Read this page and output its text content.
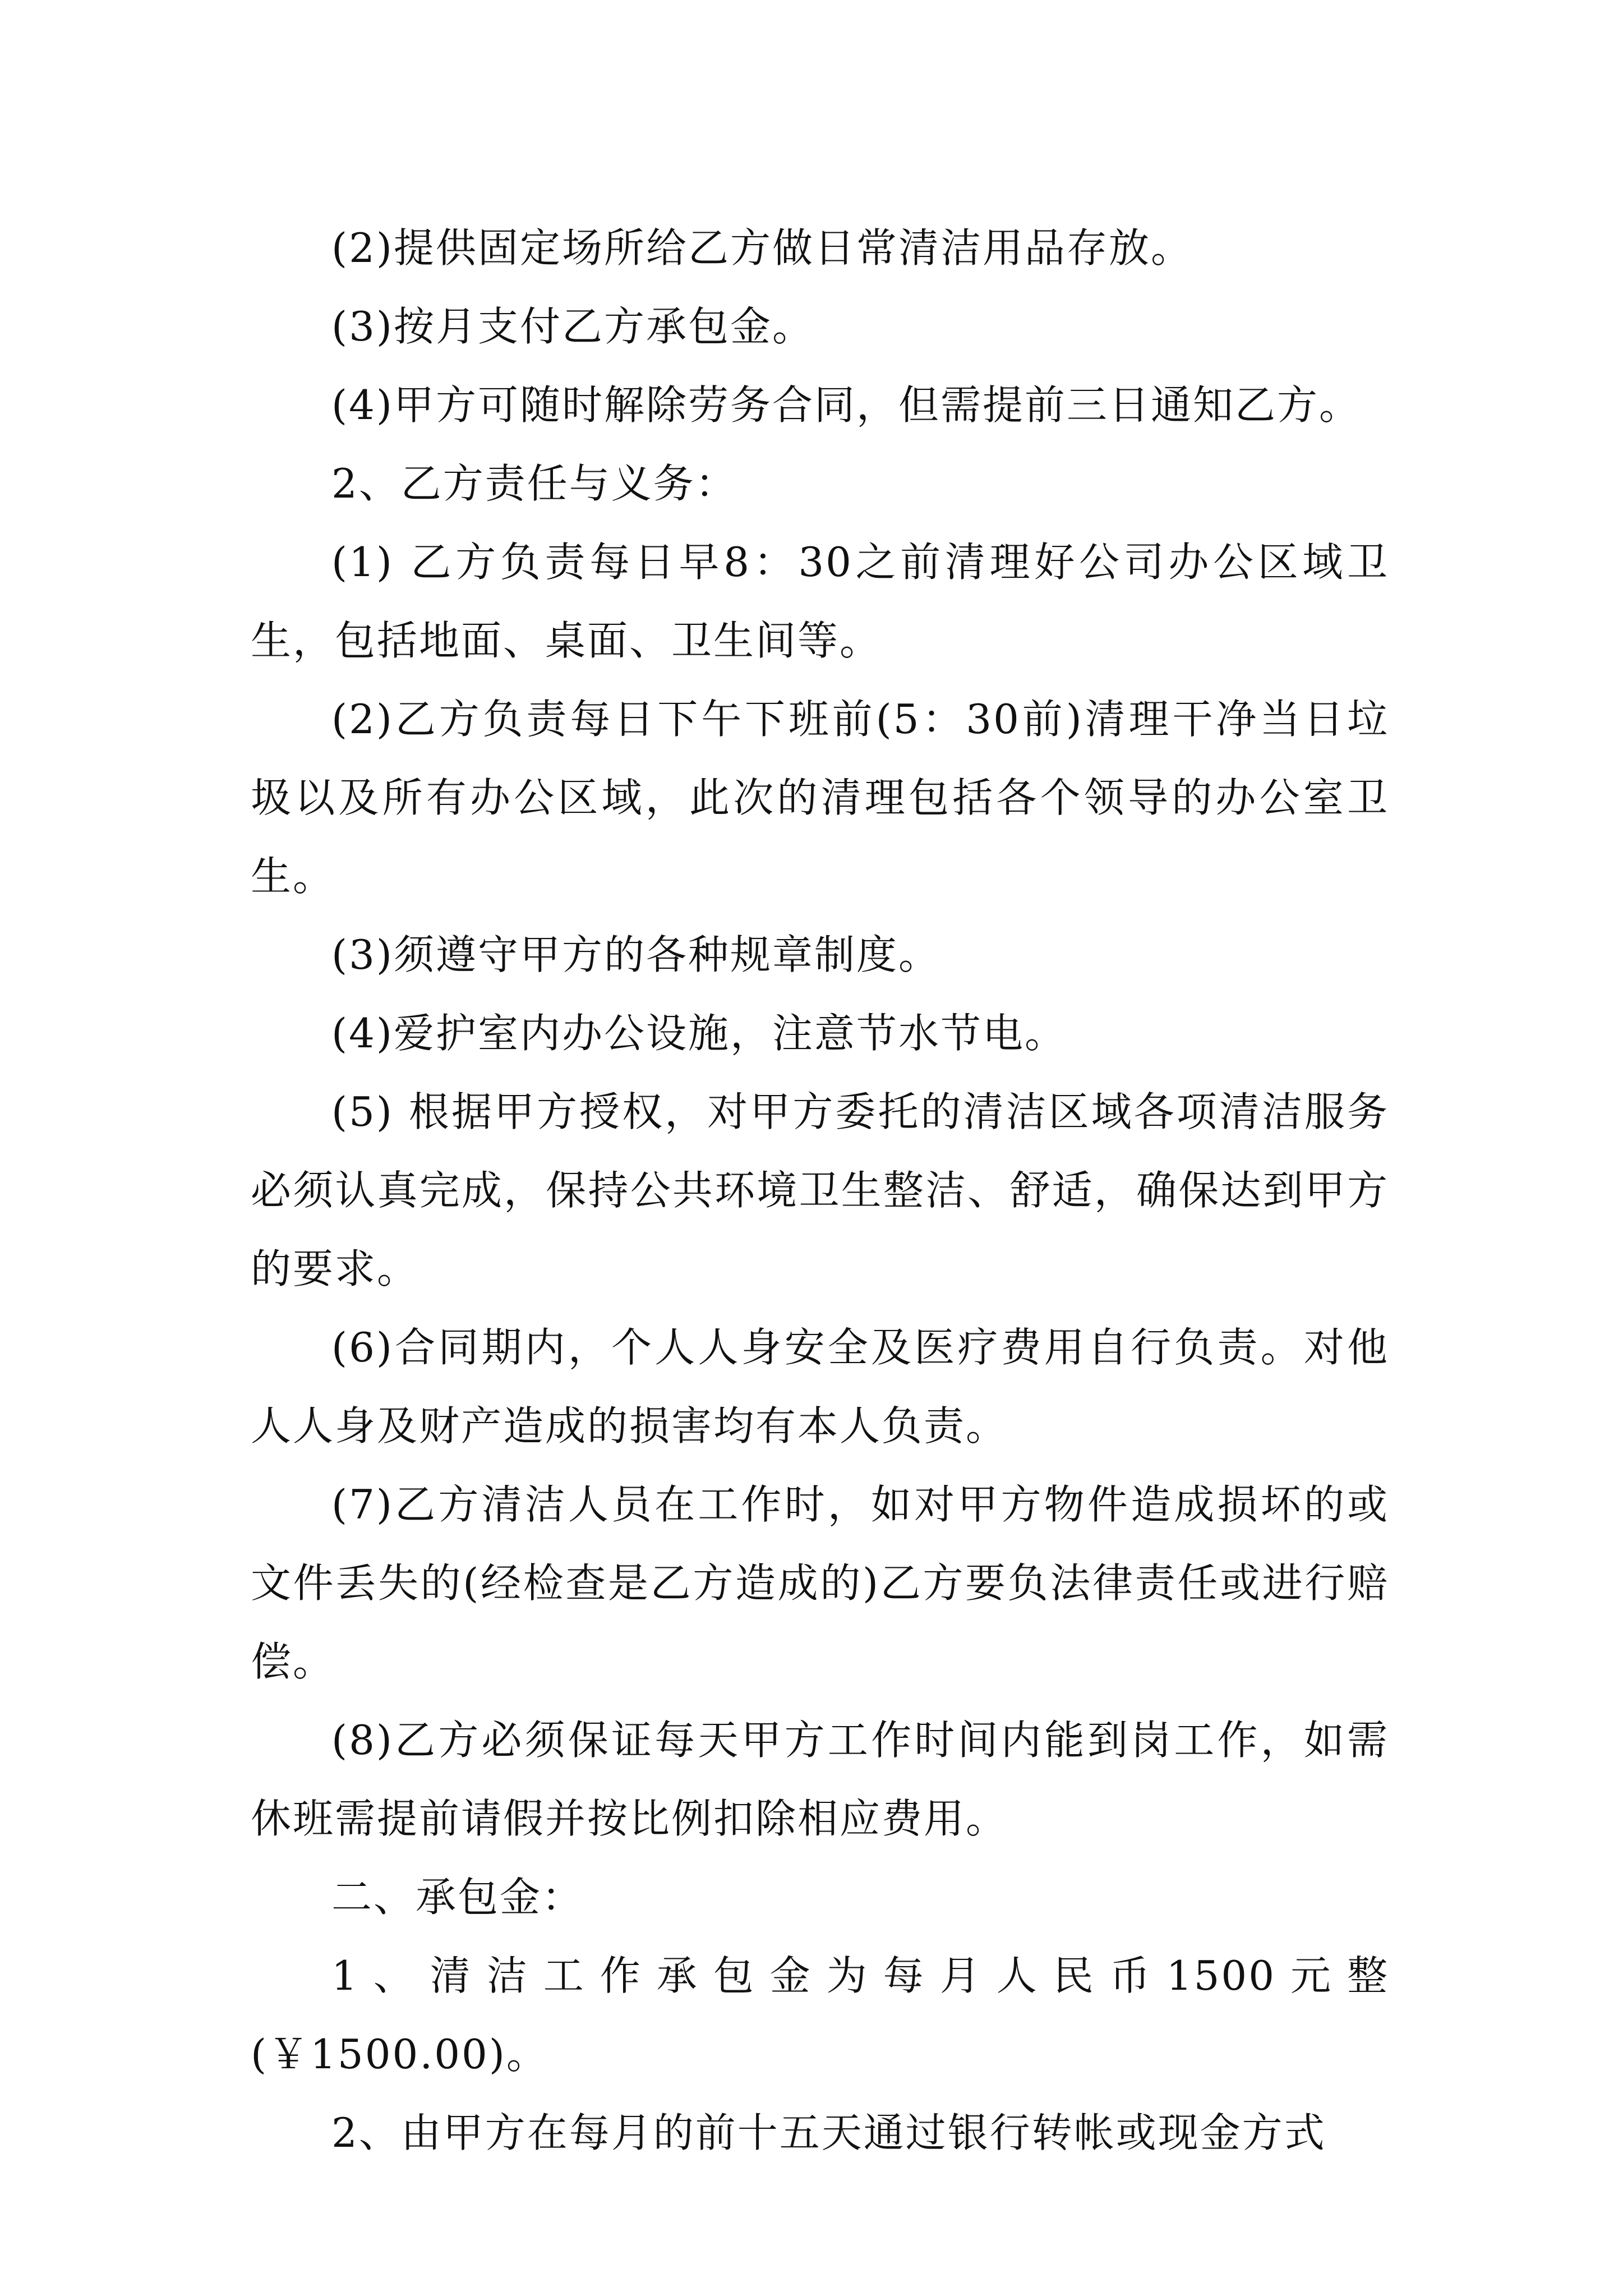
(2)提供固定场所给乙方做日常清洁用品存放。

(3)按月支付乙方承包金。

(4)甲方可随时解除劳务合同，但需提前三日通知乙方。

2、乙方责任与义务：

(1) 乙方负责每日早8：30之前清理好公司办公区域卫生，包括地面、桌面、卫生间等。

(2)乙方负责每日下午下班前(5：30前)清理干净当日垃圾以及所有办公区域，此次的清理包括各个领导的办公室卫生。

(3)须遵守甲方的各种规章制度。

(4)爱护室内办公设施，注意节水节电。

(5) 根据甲方授权，对甲方委托的清洁区域各项清洁服务必须认真完成，保持公共环境卫生整洁、舒适，确保达到甲方的要求。

(6)合同期内，个人人身安全及医疗费用自行负责。对他人人身及财产造成的损害均有本人负责。

(7)乙方清洁人员在工作时，如对甲方物件造成损坏的或文件丢失的(经检查是乙方造成的)乙方要负法律责任或进行赔偿。

(8)乙方必须保证每天甲方工作时间内能到岗工作，如需休班需提前请假并按比例扣除相应费用。

二、承包金：

1、清洁工作承包金为每月人民币1500元整(￥1500.00)。

2、由甲方在每月的前十五天通过银行转帐或现金方式
